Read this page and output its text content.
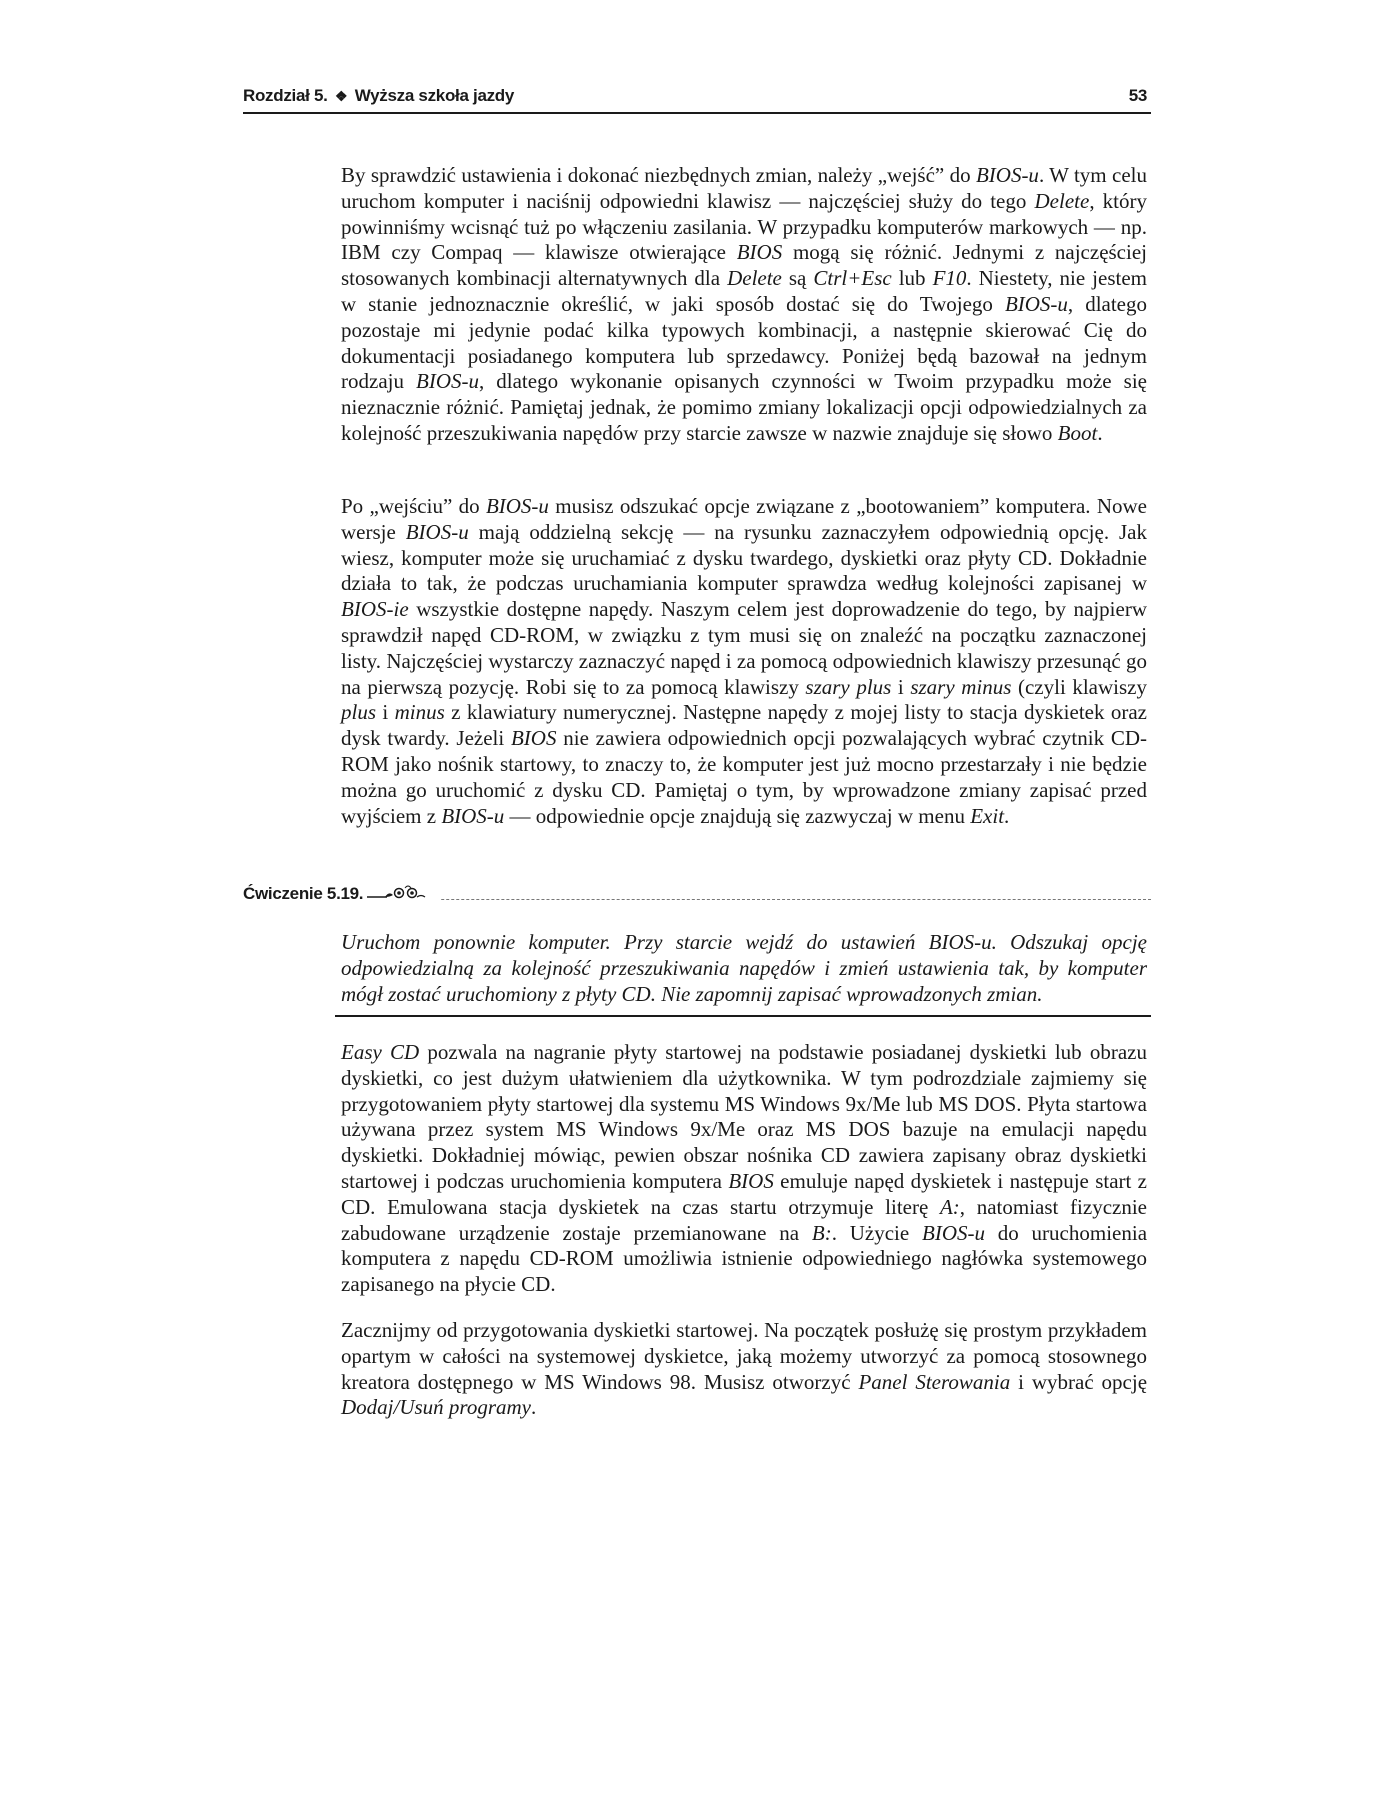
Rozdział 5. ❖ Wyższa szkoła jazdy	53

By sprawdzić ustawienia i dokonać niezbędnych zmian, należy „wejść” do BIOS-u. W tym celu uruchom komputer i naciśnij odpowiedni klawisz — najczęściej służy do tego Delete, który powinniśmy wcisnąć tuż po włączeniu zasilania. W przypadku komputerów markowych — np. IBM czy Compaq — klawisze otwierające BIOS mogą się różnić. Jednymi z najczęściej stosowanych kombinacji alternatywnych dla Delete są Ctrl+Esc lub F10. Niestety, nie jestem w stanie jednoznacznie określić, w jaki sposób dostać się do Twojego BIOS-u, dlatego pozostaje mi jedynie podać kilka typowych kombinacji, a następnie skierować Cię do dokumentacji posiadanego komputera lub sprzedawcy. Poniżej będą bazował na jednym rodzaju BIOS-u, dlatego wykonanie opisanych czynności w Twoim przypadku może się nieznacznie różnić. Pamiętaj jednak, że pomimo zmiany lokalizacji opcji odpowiedzialnych za kolejność przeszukiwania napędów przy starcie zawsze w nazwie znajduje się słowo Boot.

Po „wejściu” do BIOS-u musisz odszukać opcje związane z „bootowaniem” komputera. Nowe wersje BIOS-u mają oddzielną sekcję — na rysunku zaznaczyłem odpowiednią opcję. Jak wiesz, komputer może się uruchamiać z dysku twardego, dyskietki oraz płyty CD. Dokładnie działa to tak, że podczas uruchamiania komputer sprawdza według kolejności zapisanej w BIOS-ie wszystkie dostępne napędy. Naszym celem jest doprowadzenie do tego, by najpierw sprawdził napęd CD-ROM, w związku z tym musi się on znaleźć na początku zaznaczonej listy. Najczęściej wystarczy zaznaczyć napęd i za pomocą odpowiednich klawiszy przesunąć go na pierwszą pozycję. Robi się to za pomocą klawiszy szary plus i szary minus (czyli klawiszy plus i minus z klawiatury numerycznej. Następne napędy z mojej listy to stacja dyskietek oraz dysk twardy. Jeżeli BIOS nie zawiera odpowiednich opcji pozwalających wybrać czytnik CD-ROM jako nośnik startowy, to znaczy to, że komputer jest już mocno przestarzały i nie będzie można go uruchomić z dysku CD. Pamiętaj o tym, by wprowadzone zmiany zapisać przed wyjściem z BIOS-u — odpowiednie opcje znajdują się zazwyczaj w menu Exit.

Ćwiczenie 5.19.
Uruchom ponownie komputer. Przy starcie wejdź do ustawień BIOS-u. Odszukaj opcję odpowiedzialną za kolejność przeszukiwania napędów i zmień ustawienia tak, by komputer mógł zostać uruchomiony z płyty CD. Nie zapomnij zapisać wprowadzonych zmian.

Easy CD pozwala na nagranie płyty startowej na podstawie posiadanej dyskietki lub obrazu dyskietki, co jest dużym ułatwieniem dla użytkownika. W tym podrozdziale zajmiemy się przygotowaniem płyty startowej dla systemu MS Windows 9x/Me lub MS DOS. Płyta startowa używana przez system MS Windows 9x/Me oraz MS DOS bazuje na emulacji napędu dyskietki. Dokładniej mówiąc, pewien obszar nośnika CD zawiera zapisany obraz dyskietki startowej i podczas uruchomienia komputera BIOS emuluje napęd dyskietek i następuje start z CD. Emulowana stacja dyskietek na czas startu otrzymuje literę A:, natomiast fizycznie zabudowane urządzenie zostaje przemianowane na B:. Użycie BIOS-u do uruchomienia komputera z napędu CD-ROM umożliwia istnienie odpowiedniego nagłówka systemowego zapisanego na płycie CD.

Zacznijmy od przygotowania dyskietki startowej. Na początek posłużę się prostym przykładem opartym w całości na systemowej dyskietce, jaką możemy utworzyć za pomocą stosownego kreatora dostępnego w MS Windows 98. Musisz otworzyć Panel Sterowania i wybrać opcję Dodaj/Usuń programy.
